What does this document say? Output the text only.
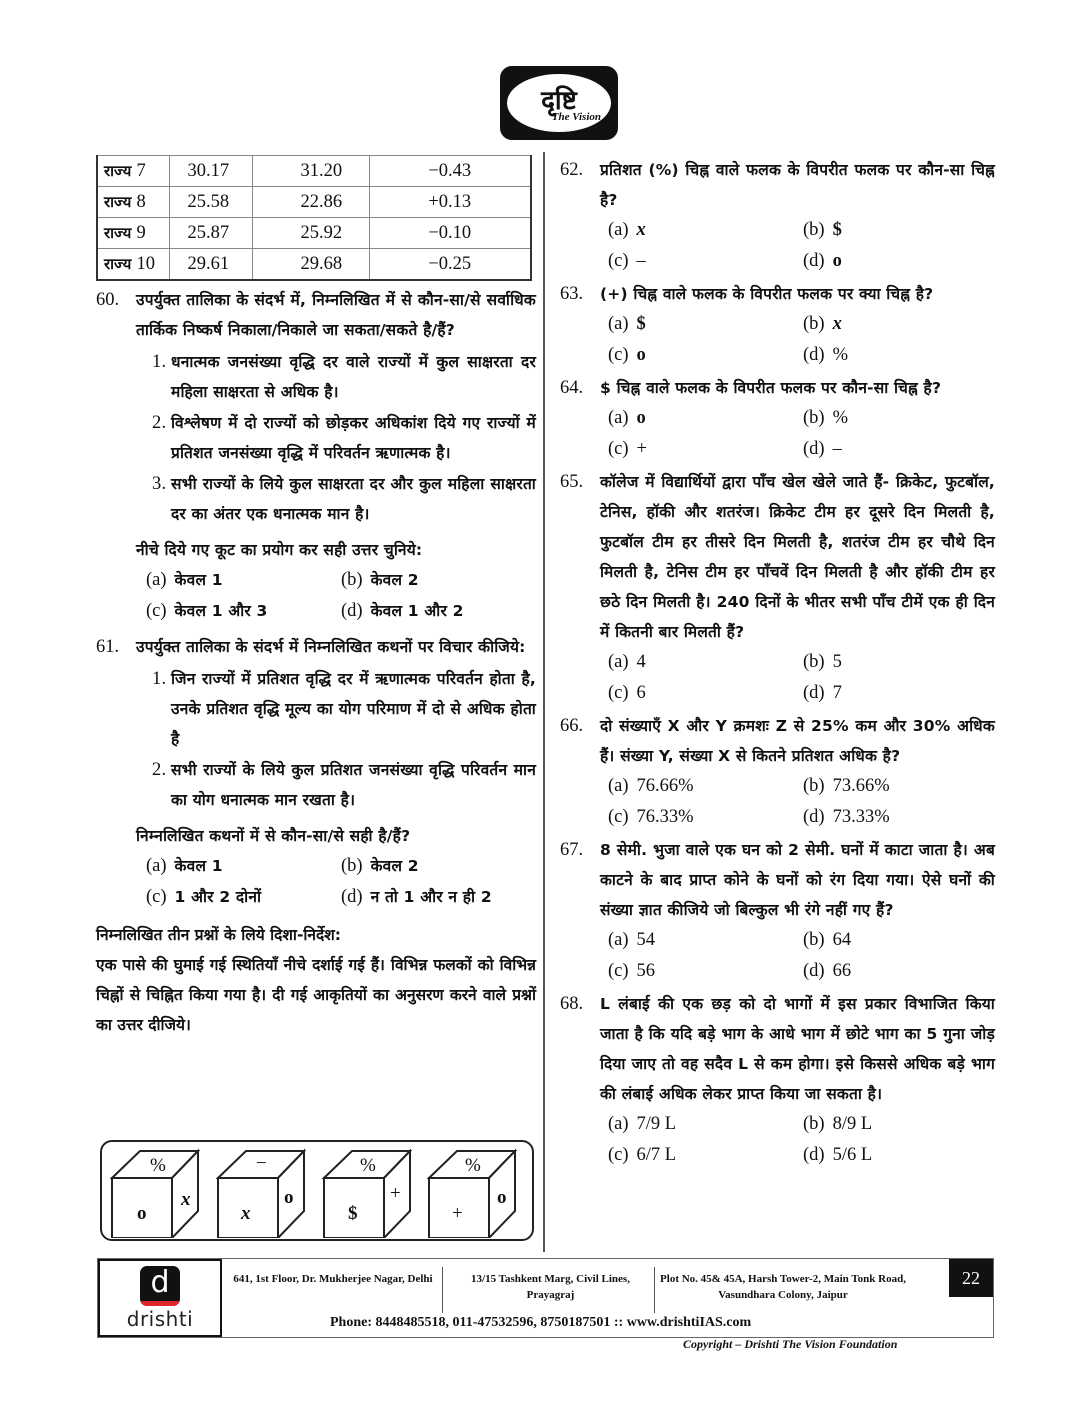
दृष्टि
The Vision
राज्य 7	30.17	31.20	−0.43
राज्य 8	25.58	22.86	+0.13
राज्य 9	25.87	25.92	−0.10
राज्य 10	29.61	29.68	−0.25
60. उपर्युक्त तालिका के संदर्भ में, निम्नलिखित में से कौन-सा/से सर्वाधिक तार्किक निष्कर्ष निकाला/निकाले जा सकता/सकते है/हैं?
1. धनात्मक जनसंख्या वृद्धि दर वाले राज्यों में कुल साक्षरता दर महिला साक्षरता से अधिक है।
2. विश्लेषण में दो राज्यों को छोड़कर अधिकांश दिये गए राज्यों में प्रतिशत जनसंख्या वृद्धि में परिवर्तन ऋणात्मक है।
3. सभी राज्यों के लिये कुल साक्षरता दर और कुल महिला साक्षरता दर का अंतर एक धनात्मक मान है।
नीचे दिये गए कूट का प्रयोग कर सही उत्तर चुनिये:
(a) केवल 1	(b) केवल 2
(c) केवल 1 और 3	(d) केवल 1 और 2
61. उपर्युक्त तालिका के संदर्भ में निम्नलिखित कथनों पर विचार कीजिये:
1. जिन राज्यों में प्रतिशत वृद्धि दर में ऋणात्मक परिवर्तन होता है, उनके प्रतिशत वृद्धि मूल्य का योग परिमाण में दो से अधिक होता है
2. सभी राज्यों के लिये कुल प्रतिशत जनसंख्या वृद्धि परिवर्तन मान का योग धनात्मक मान रखता है।
निम्नलिखित कथनों में से कौन-सा/से सही है/हैं?
(a) केवल 1	(b) केवल 2
(c) 1 और 2 दोनों	(d) न तो 1 और न ही 2
निम्नलिखित तीन प्रश्नों के लिये दिशा-निर्देश:
एक पासे की घुमाई गई स्थितियाँ नीचे दर्शाई गई हैं। विभिन्न फलकों को विभिन्न चिह्नों से चिह्नित किया गया है। दी गई आकृतियों का अनुसरण करने वाले प्रश्नों का उत्तर दीजिये।
%
o
x
−
x
o
%
$
+
%
+
o
62. प्रतिशत (%) चिह्न वाले फलक के विपरीत फलक पर कौन-सा चिह्न है?
(a) x	(b) $
(c) –	(d) o
63. (+) चिह्न वाले फलक के विपरीत फलक पर क्या चिह्न है?
(a) $	(b) x
(c) o	(d) %
64. $ चिह्न वाले फलक के विपरीत फलक पर कौन-सा चिह्न है?
(a) o	(b) %
(c) +	(d) –
65. कॉलेज में विद्यार्थियों द्वारा पाँच खेल खेले जाते हैं- क्रिकेट, फुटबॉल, टेनिस, हॉकी और शतरंज। क्रिकेट टीम हर दूसरे दिन मिलती है, फुटबॉल टीम हर तीसरे दिन मिलती है, शतरंज टीम हर चौथे दिन मिलती है, टेनिस टीम हर पाँचवें दिन मिलती है और हॉकी टीम हर छठे दिन मिलती है। 240 दिनों के भीतर सभी पाँच टीमें एक ही दिन में कितनी बार मिलती हैं?
(a) 4	(b) 5
(c) 6	(d) 7
66. दो संख्याएँ X और Y क्रमशः Z से 25% कम और 30% अधिक हैं। संख्या Y, संख्या X से कितने प्रतिशत अधिक है?
(a) 76.66%	(b) 73.66%
(c) 76.33%	(d) 73.33%
67. 8 सेमी. भुजा वाले एक घन को 2 सेमी. घनों में काटा जाता है। अब काटने के बाद प्राप्त कोने के घनों को रंग दिया गया। ऐसे घनों की संख्या ज्ञात कीजिये जो बिल्कुल भी रंगे नहीं गए हैं?
(a) 54	(b) 64
(c) 56	(d) 66
68. L लंबाई की एक छड़ को दो भागों में इस प्रकार विभाजित किया जाता है कि यदि बड़े भाग के आधे भाग में छोटे भाग का 5 गुना जोड़ दिया जाए तो वह सदैव L से कम होगा। इसे किससे अधिक बड़े भाग की लंबाई अधिक लेकर प्राप्त किया जा सकता है।
(a) 7/9 L	(b) 8/9 L
(c) 6/7 L	(d) 5/6 L
d
drishti
641, 1st Floor, Dr. Mukherjee Nagar, Delhi	13/15 Tashkent Marg, Civil Lines, Prayagraj
Plot No. 45& 45A, Harsh Tower-2, Main Tonk Road, Vasundhara Colony, Jaipur
22
Phone: 8448485518, 011-47532596, 8750187501 :: www.drishtiIAS.com
Copyright – Drishti The Vision Foundation
